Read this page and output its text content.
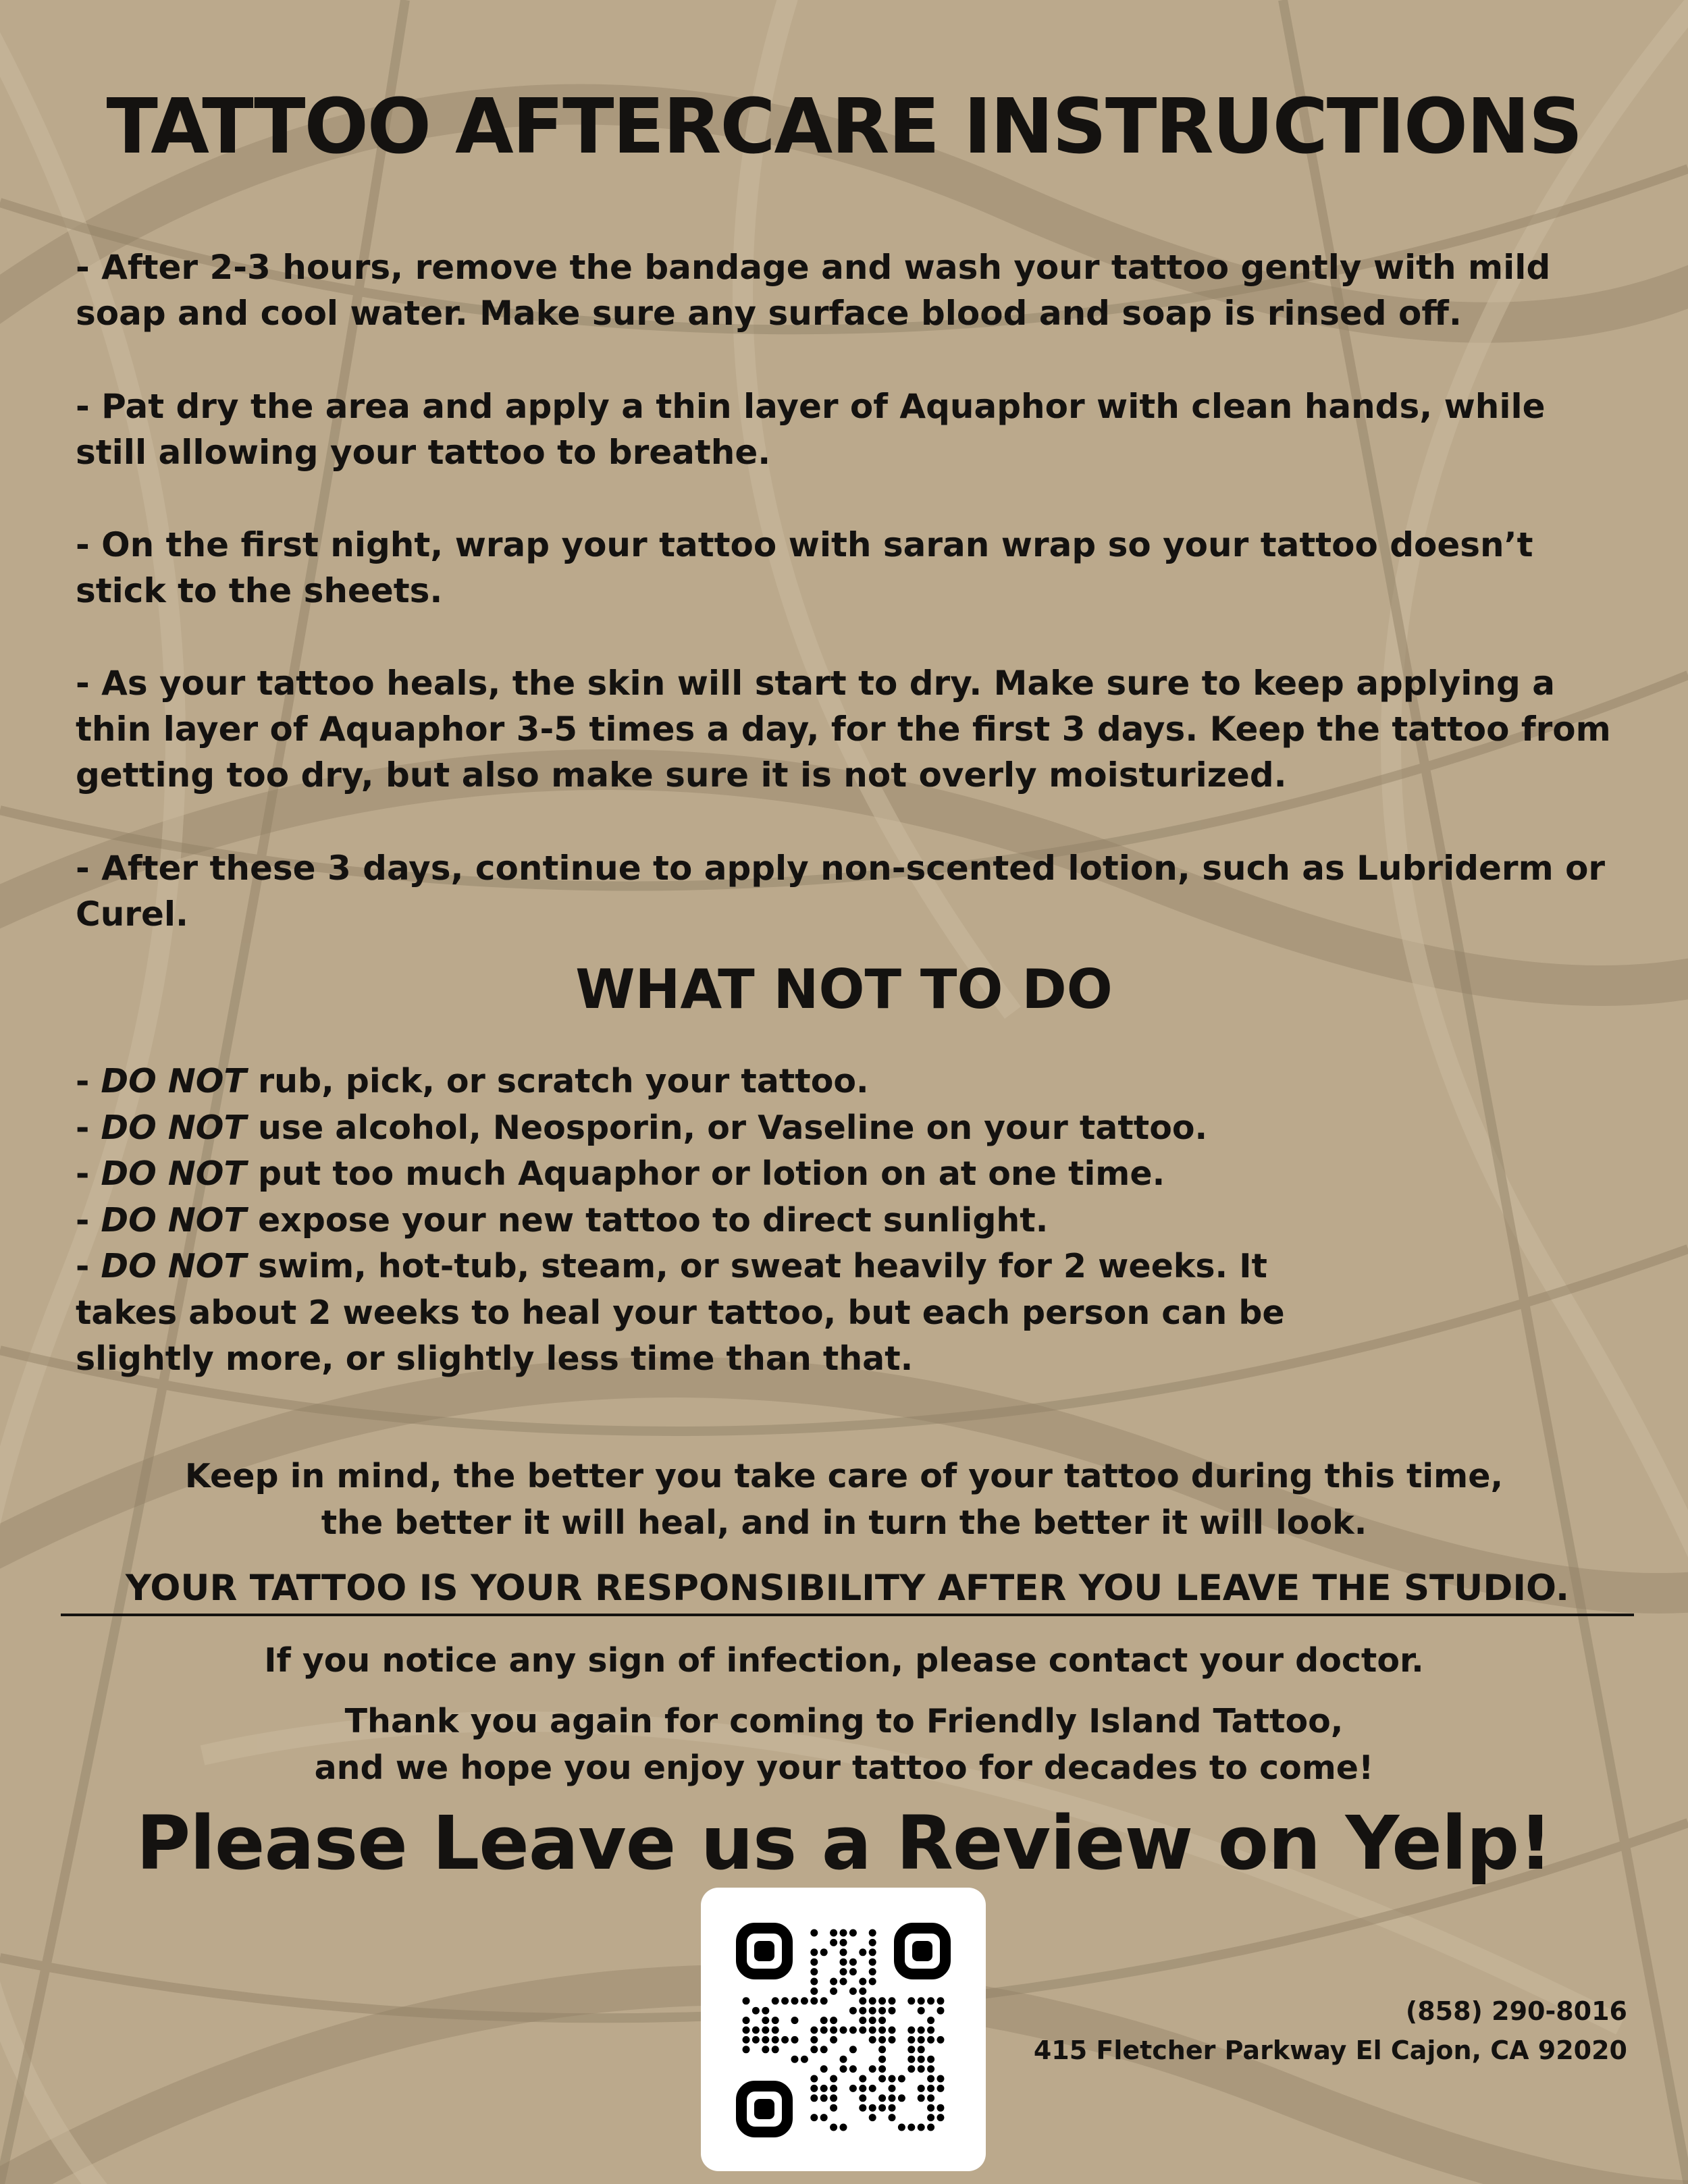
TATTOO AFTERCARE INSTRUCTIONS
- After 2-3 hours, remove the bandage and wash your tattoo gently with mild soap and cool water. Make sure any surface blood and soap is rinsed off.
- Pat dry the area and apply a thin layer of Aquaphor with clean hands, while still allowing your tattoo to breathe.
- On the first night, wrap your tattoo with saran wrap so your tattoo doesn’t stick to the sheets.
- As your tattoo heals, the skin will start to dry. Make sure to keep applying a thin layer of Aquaphor 3-5 times a day, for the first 3 days. Keep the tattoo from getting too dry, but also make sure it is not overly moisturized.
- After these 3 days, continue to apply non-scented lotion, such as Lubriderm or Curel.
WHAT NOT TO DO
- DO NOT rub, pick, or scratch your tattoo.
- DO NOT use alcohol, Neosporin, or Vaseline on your tattoo.
- DO NOT put too much Aquaphor or lotion on at one time.
- DO NOT expose your new tattoo to direct sunlight.
- DO NOT swim, hot-tub, steam, or sweat heavily for 2 weeks. It takes about 2 weeks to heal your tattoo, but each person can be slightly more, or slightly less time than that.
Keep in mind, the better you take care of your tattoo during this time,
the better it will heal, and in turn the better it will look.
YOUR TATTOO IS YOUR RESPONSIBILITY AFTER YOU LEAVE THE STUDIO.
If you notice any sign of infection, please contact your doctor.
Thank you again for coming to Friendly Island Tattoo,
and we hope you enjoy your tattoo for decades to come!
Please Leave us a Review on Yelp!
(858) 290-8016
415 Fletcher Parkway El Cajon, CA 92020
